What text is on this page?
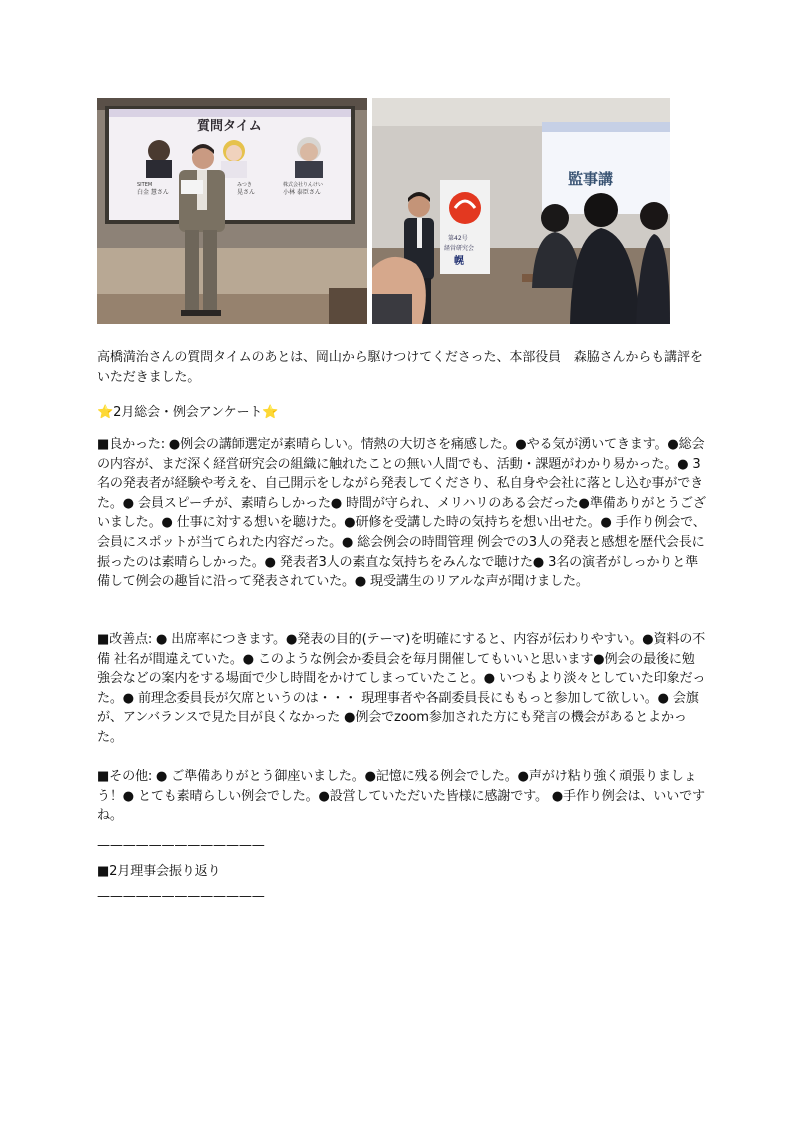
質問タイム
SITEM
白金 慧さん
みつき
晃さん
株式会社りんけい
小林 泰臣さん
監事講
第42号
経営研究会
幌
高橋満治さんの質問タイムのあとは、岡山から駆けつけてくださった、本部役員　森脇さんからも講評をいただきました。
⭐2月総会・例会アンケート⭐
■良かった: ●例会の講師選定が素晴らしい。情熱の大切さを痛感した。●やる気が湧いてきます。●総会の内容が、まだ深く経営研究会の組織に触れたことの無い人間でも、活動・課題がわかり易かった。● 3名の発表者が経験や考えを、自己開示をしながら発表してくださり、私自身や会社に落とし込む事ができた。● 会員スピーチが、素晴らしかった● 時間が守られ、メリハリのある会だった●準備ありがとうございました。● 仕事に対する想いを聴けた。●研修を受講した時の気持ちを想い出せた。● 手作り例会で、会員にスポットが当てられた内容だった。● 総会例会の時間管理 例会での3人の発表と感想を歴代会長に振ったのは素晴らしかった。● 発表者3人の素直な気持ちをみんなで聴けた● 3名の演者がしっかりと準備して例会の趣旨に沿って発表されていた。● 現受講生のリアルな声が聞けました。
■改善点: ● 出席率につきます。●発表の目的(テーマ)を明確にすると、内容が伝わりやすい。●資料の不備 社名が間違えていた。● このような例会か委員会を毎月開催してもいいと思います●例会の最後に勉強会などの案内をする場面で少し時間をかけてしまっていたこと。● いつもより淡々としていた印象だった。● 前理念委員長が欠席というのは・・・ 現理事者や各副委員長にももっと参加して欲しい。● 会旗が、アンバランスで見た目が良くなかった ●例会でzoom参加された方にも発言の機会があるとよかった。
■その他: ● ご準備ありがとう御座いました。●記憶に残る例会でした。●声がけ粘り強く頑張りましょう！● とても素晴らしい例会でした。●設営していただいた皆様に感謝です。 ●手作り例会は、いいですね。
—————————————
■2月理事会振り返り
—————————————
